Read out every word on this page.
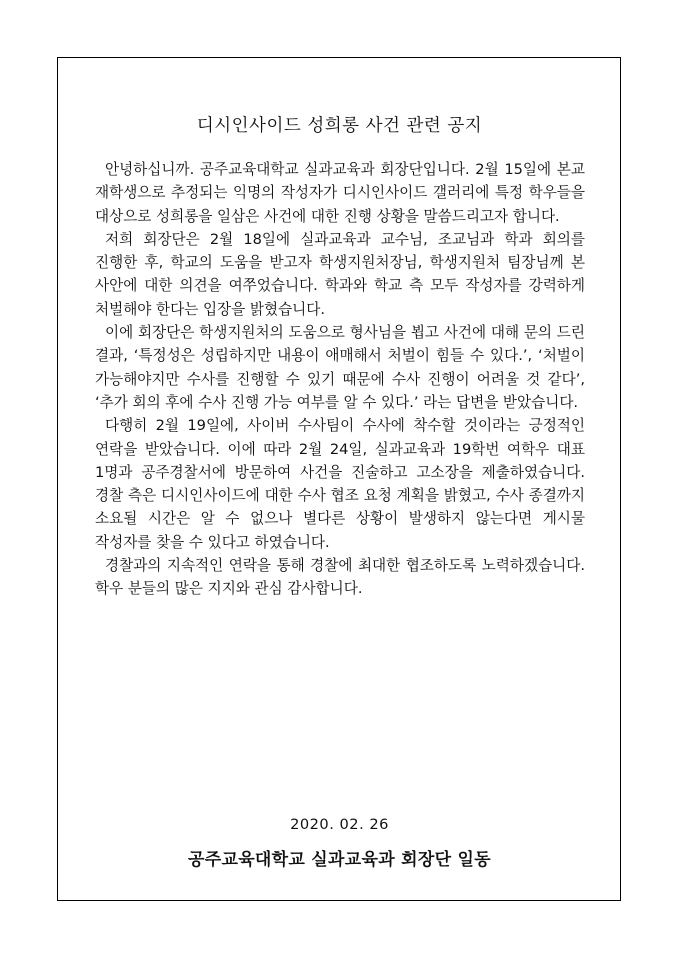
디시인사이드 성희롱 사건 관련 공지

안녕하십니까. 공주교육대학교 실과교육과 회장단입니다. 2월 15일에 본교 재학생으로 추정되는 익명의 작성자가 디시인사이드 갤러리에 특정 학우들을 대상으로 성희롱을 일삼은 사건에 대한 진행 상황을 말씀드리고자 합니다.

저희 회장단은 2월 18일에 실과교육과 교수님, 조교님과 학과 회의를 진행한 후, 학교의 도움을 받고자 학생지원처장님, 학생지원처 팀장님께 본 사안에 대한 의견을 여쭈었습니다. 학과와 학교 측 모두 작성자를 강력하게 처벌해야 한다는 입장을 밝혔습니다.

이에 회장단은 학생지원처의 도움으로 형사님을 뵙고 사건에 대해 문의 드린 결과, ‘특정성은 성립하지만 내용이 애매해서 처벌이 힘들 수 있다.’, ‘처벌이 가능해야지만 수사를 진행할 수 있기 때문에 수사 진행이 어려울 것 같다’, ‘추가 회의 후에 수사 진행 가능 여부를 알 수 있다.’ 라는 답변을 받았습니다.

다행히 2월 19일에, 사이버 수사팀이 수사에 착수할 것이라는 긍정적인 연락을 받았습니다. 이에 따라 2월 24일, 실과교육과 19학번 여학우 대표 1명과 공주경찰서에 방문하여 사건을 진술하고 고소장을 제출하였습니다. 경찰 측은 디시인사이드에 대한 수사 협조 요청 계획을 밝혔고, 수사 종결까지 소요될 시간은 알 수 없으나 별다른 상황이 발생하지 않는다면 게시물 작성자를 찾을 수 있다고 하였습니다.

경찰과의 지속적인 연락을 통해 경찰에 최대한 협조하도록 노력하겠습니다. 학우 분들의 많은 지지와 관심 감사합니다.

2020. 02. 26
공주교육대학교 실과교육과 회장단 일동
